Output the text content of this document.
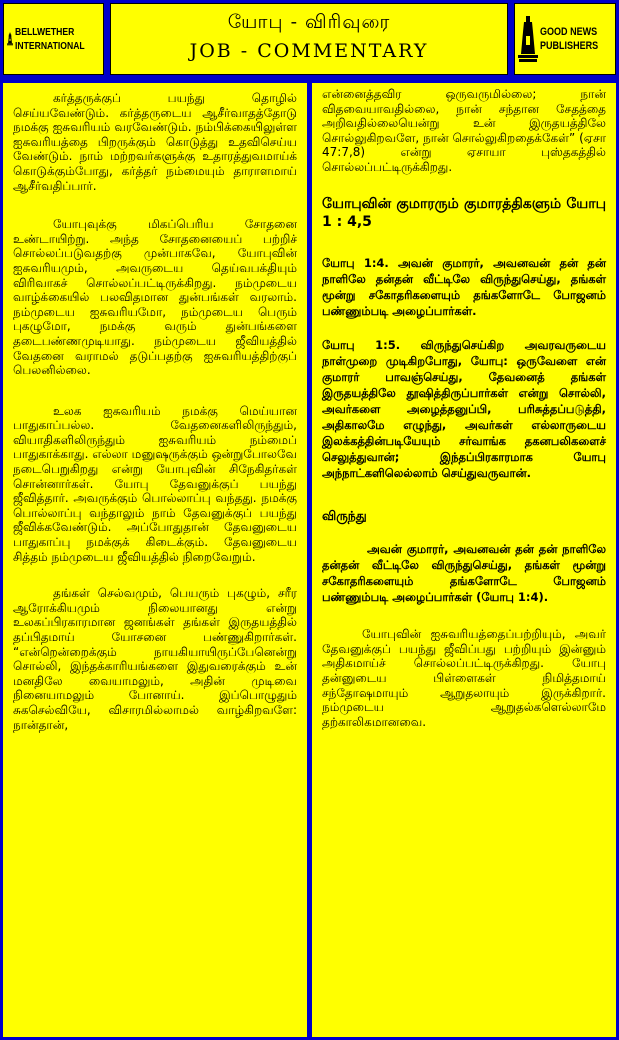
BELLWETHER
INTERNATIONAL
யோபு - விரிவுரை
JOB - COMMENTARY
GOOD NEWS
PUBLISHERS

கர்த்தருக்குப் பயந்து தொழில் செய்யவேண்டும். கர்த்தருடைய ஆசீர்வாதத்தோடு நமக்கு ஐசுவரியம் வரவேண்டும். நம்பிக்கையிலுள்ள ஐசுவரியத்தை பிறருக்கும் கொடுத்து உதவிசெய்ய வேண்டும். நாம் மற்றவர்களுக்கு உதாரத்துவமாய்க் கொடுக்கும்போது, கர்த்தர் நம்மையும் தாராளமாய் ஆசீர்வதிப்பார்.

யோபுவுக்கு மிகப்பெரிய சோதனை உண்டாயிற்று. அந்த சோதனையைப் பற்றிச் சொல்லப்படுவதற்கு முன்பாகவே, யோபுவின் ஐசுவரியமும், அவருடைய தெய்வபக்தியும் விரிவாகச் சொல்லப்பட்டிருக்கிறது. நம்முடைய வாழ்க்கையில் பலவிதமான துன்பங்கள் வரலாம். நம்முடைய ஐசுவரியமோ, நம்முடைய பெரும் புகழுமோ, நமக்கு வரும் துன்பங்களை தடைபண்ணமுடியாது. நம்முடைய ஜீவியத்தில் வேதனை வராமல் தடுப்பதற்கு ஐசுவரியத்திற்குப் பெலனில்லை.

உலக ஐசுவரியம் நமக்கு மெய்யான பாதுகாப்பல்ல. வேதனைகளிலிருந்தும், வியாதிகளிலிருந்தும் ஐசுவரியம் நம்மைப் பாதுகாக்காது. எல்லா மனுஷருக்கும் ஒன்றுபோலவே நடைபெறுகிறது என்று யோபுவின் சிநேகிதர்கள் சொன்னார்கள். யோபு தேவனுக்குப் பயந்து ஜீவித்தார். அவருக்கும் பொல்லாப்பு வந்தது. நமக்கு பொல்லாப்பு வந்தாலும் நாம் தேவனுக்குப் பயந்து ஜீவிக்கவேண்டும். அப்போதுதான் தேவனுடைய பாதுகாப்பு நமக்குக் கிடைக்கும். தேவனுடைய சித்தம் நம்முடைய ஜீவியத்தில் நிறைவேறும்.

தங்கள் செல்வமும், பெயரும் புகழும், சரீர ஆரோக்கியமும் நிலையானது என்று உலகப்பிரகாரமான ஜனங்கள் தங்கள் இருதயத்தில் தப்பிதமாய் யோசனை பண்ணுகிறார்கள். “என்றென்றைக்கும் நாயகியாயிருப்பேனென்று சொல்லி, இந்தக்காரியங்களை இதுவரைக்கும் உன் மனதிலே வையாமலும், அதின் முடிவை நினையாமலும் போனாய். இப்பொழுதும் சுகசெல்வியே, விசாரமில்லாமல் வாழ்கிறவளே: நான்தான்,

என்னைத்தவிர ஒருவருமில்லை; நான் விதவையாவதில்லை, நான் சந்தான சேதத்தை அறிவதில்லையென்று உன் இருதயத்திலே சொல்லுகிறவளே, நான் சொல்லுகிறதைக்கேள்” (ஏசா 47:7,8) என்று ஏசாயா புஸ்தகத்தில் சொல்லப்பட்டிருக்கிறது.

யோபுவின் குமாரரும் குமாரத்திகளும் யோபு 1 : 4,5

யோபு 1:4. அவன் குமாரர், அவனவன் தன் தன் நாளிலே தன்தன் வீட்டிலே விருந்துசெய்து, தங்கள் மூன்று சகோதரிகளையும் தங்களோடே போஜனம் பண்ணும்படி அழைப்பார்கள்.

யோபு 1:5. விருந்துசெய்கிற அவரவருடைய நாள்முறை முடிகிறபோது, யோபு: ஒருவேளை என் குமாரர் பாவஞ்செய்து, தேவனைத் தங்கள் இருதயத்திலே தூஷித்திருப்பார்கள் என்று சொல்லி, அவர்களை அழைத்தனுப்பி, பரிசுத்தப்படுத்தி, அதிகாலமே எழுந்து, அவர்கள் எல்லாருடைய இலக்கத்தின்படியேயும் சர்வாங்க தகனபலிகளைச் செலுத்துவான்; இந்தப்பிரகாரமாக யோபு அந்நாட்களிலெல்லாம் செய்துவருவான்.

விருந்து

அவன் குமாரர், அவனவன் தன் தன் நாளிலே தன்தன் வீட்டிலே விருந்துசெய்து, தங்கள் மூன்று சகோதரிகளையும் தங்களோடே போஜனம் பண்ணும்படி அழைப்பார்கள் (யோபு 1:4).

யோபுவின் ஐசுவரியத்தைப்பற்றியும், அவர் தேவனுக்குப் பயந்து ஜீவிப்பது பற்றியும் இன்னும் அதிகமாய்ச் சொல்லப்பட்டிருக்கிறது. யோபு தன்னுடைய பிள்ளைகள் நிமித்தமாய் சந்தோஷமாயும் ஆறுதலாயும் இருக்கிறார். நம்முடைய ஆறுதல்களெல்லாமே தற்காலிகமானவை.
